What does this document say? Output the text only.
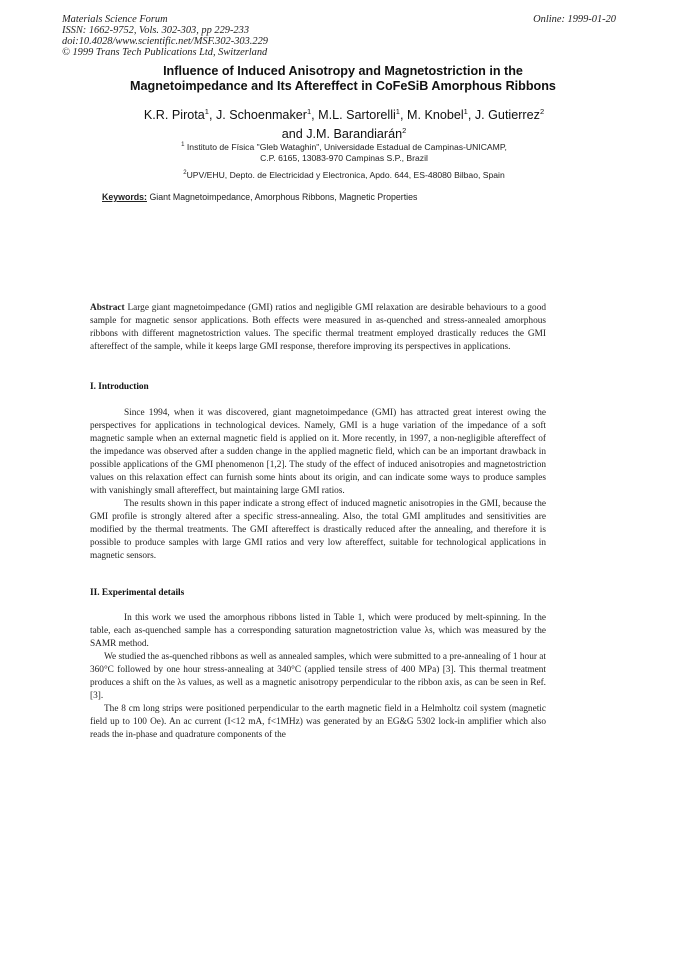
Materials Science Forum
ISSN: 1662-9752, Vols. 302-303, pp 229-233
doi:10.4028/www.scientific.net/MSF.302-303.229
© 1999 Trans Tech Publications Ltd, Switzerland
Online: 1999-01-20
Influence of Induced Anisotropy and Magnetostriction in the
Magnetoimpedance and Its Aftereffect in CoFeSiB Amorphous Ribbons
K.R. Pirota$^1$, J. Schoenmaker$^1$, M.L. Sartorelli$^1$, M. Knobel$^1$, J. Gutierrez$^2$
and J.M. Barandiarán$^2$
$^1$ Instituto de Física "Gleb Wataghin", Universidade Estadual de Campinas-UNICAMP,
C.P. 6165, 13083-970 Campinas S.P., Brazil
$^2$UPV/EHU, Depto. de Electricidad y Electronica, Apdo. 644, ES-48080 Bilbao, Spain
Keywords: Giant Magnetoimpedance, Amorphous Ribbons, Magnetic Properties

Abstract Large giant magnetoimpedance (GMI) ratios and negligible GMI relaxation are desirable behaviours to a good sample for magnetic sensor applications. Both effects were measured in as-quenched and stress-annealed amorphous ribbons with different magnetostriction values. The specific thermal treatment employed drastically reduces the GMI aftereffect of the sample, while it keeps large GMI response, therefore improving its perspectives in applications.

I. Introduction

Since 1994, when it was discovered, giant magnetoimpedance (GMI) has attracted great interest owing the perspectives for applications in technological devices. Namely, GMI is a huge variation of the impedance of a soft magnetic sample when an external magnetic field is applied on it. More recently, in 1997, a non-negligible aftereffect of the impedance was observed after a sudden change in the applied magnetic field, which can be an important drawback in possible applications of the GMI phenomenon [1,2]. The study of the effect of induced anisotropies and magnetostriction values on this relaxation effect can furnish some hints about its origin, and can indicate some ways to produce samples with vanishingly small aftereffect, but maintaining large GMI ratios.

The results shown in this paper indicate a strong effect of induced magnetic anisotropies in the GMI, because the GMI profile is strongly altered after a specific stress-annealing. Also, the total GMI amplitudes and sensitivities are modified by the thermal treatments. The GMI aftereffect is drastically reduced after the annealing, and therefore it is possible to produce samples with large GMI ratios and very low aftereffect, suitable for technological applications in magnetic sensors.

II. Experimental details

In this work we used the amorphous ribbons listed in Table 1, which were produced by melt-spinning. In the table, each as-quenched sample has a corresponding saturation magnetostriction value λs, which was measured by the SAMR method.

We studied the as-quenched ribbons as well as annealed samples, which were submitted to a pre-annealing of 1 hour at 360°C followed by one hour stress-annealing at 340°C (applied tensile stress of 400 MPa) [3]. This thermal treatment produces a shift on the λs values, as well as a magnetic anisotropy perpendicular to the ribbon axis, as can be seen in Ref. [3].

The 8 cm long strips were positioned perpendicular to the earth magnetic field in a Helmholtz coil system (magnetic field up to 100 Oe). An ac current (I<12 mA, f<1MHz) was generated by an EG&G 5302 lock-in amplifier which also reads the in-phase and quadrature components of the
